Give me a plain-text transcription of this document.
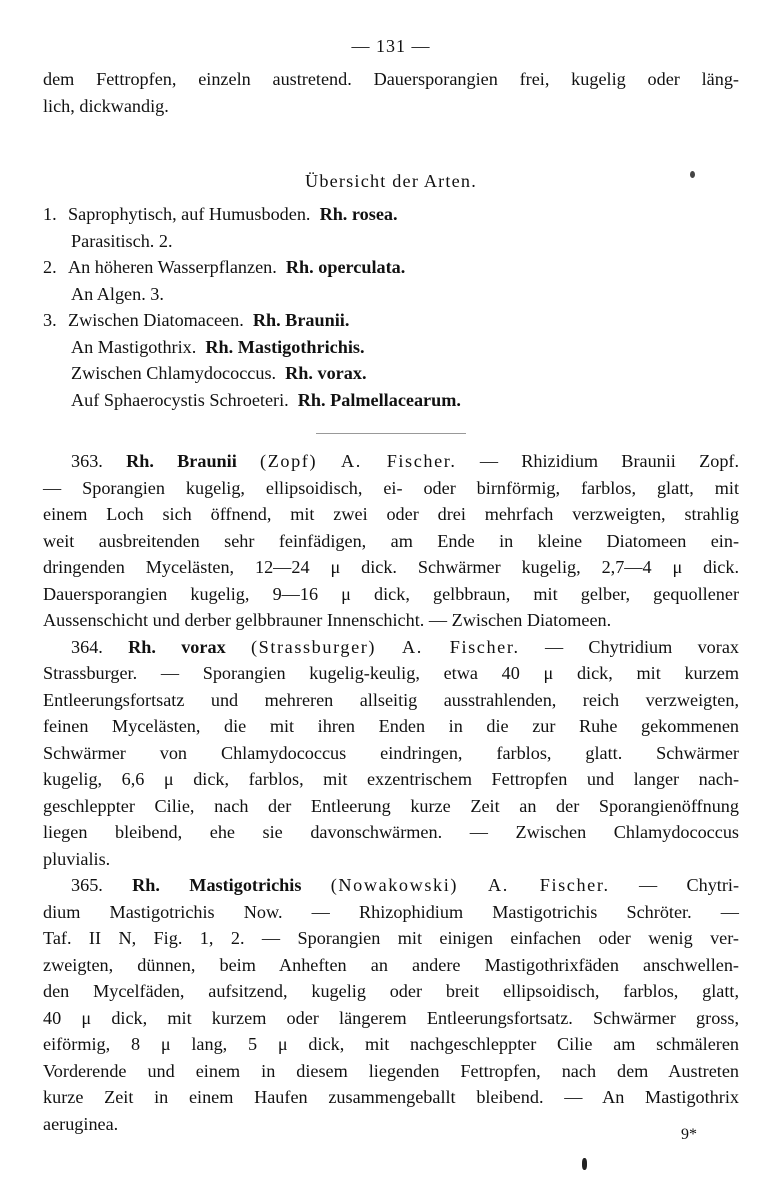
— 131 —

dem Fettropfen, einzeln austretend. Dauersporangien frei, kugelig oder läng-
lich, dickwandig.

Übersicht der Arten.
1. Saprophytisch, auf Humusboden. Rh. rosea.
Parasitisch. 2.
2. An höheren Wasserpflanzen. Rh. operculata.
An Algen. 3.
3. Zwischen Diatomaceen. Rh. Braunii.
An Mastigothrix. Rh. Mastigothrichis.
Zwischen Chlamydococcus. Rh. vorax.
Auf Sphaerocystis Schroeteri. Rh. Palmellacearum.

363. Rh. Braunii (Zopf) A. Fischer. — Rhizidium Braunii Zopf.
— Sporangien kugelig, ellipsoidisch, ei- oder birnförmig, farblos, glatt, mit
einem Loch sich öffnend, mit zwei oder drei mehrfach verzweigten, strahlig
weit ausbreitenden sehr feinfädigen, am Ende in kleine Diatomeen ein-
dringenden Mycelästen, 12—24 μ dick. Schwärmer kugelig, 2,7—4 μ dick.
Dauersporangien kugelig, 9—16 μ dick, gelbbraun, mit gelber, gequollener
Aussenschicht und derber gelbbrauner Innenschicht. — Zwischen Diatomeen.

364. Rh. vorax (Strassburger) A. Fischer. — Chytridium vorax
Strassburger. — Sporangien kugelig-keulig, etwa 40 μ dick, mit kurzem
Entleerungsfortsatz und mehreren allseitig ausstrahlenden, reich verzweigten,
feinen Mycelästen, die mit ihren Enden in die zur Ruhe gekommenen
Schwärmer von Chlamydococcus eindringen, farblos, glatt. Schwärmer
kugelig, 6,6 μ dick, farblos, mit exzentrischem Fettropfen und langer nach-
geschleppter Cilie, nach der Entleerung kurze Zeit an der Sporangienöffnung
liegen bleibend, ehe sie davonschwärmen. — Zwischen Chlamydococcus
pluvialis.

365. Rh. Mastigotrichis (Nowakowski) A. Fischer. — Chytri-
dium Mastigotrichis Now. — Rhizophidium Mastigotrichis Schröter. —
Taf. II N, Fig. 1, 2. — Sporangien mit einigen einfachen oder wenig ver-
zweigten, dünnen, beim Anheften an andere Mastigothrixfäden anschwellen-
den Mycelfäden, aufsitzend, kugelig oder breit ellipsoidisch, farblos, glatt,
40 μ dick, mit kurzem oder längerem Entleerungsfortsatz. Schwärmer gross,
eiförmig, 8 μ lang, 5 μ dick, mit nachgeschleppter Cilie am schmäleren
Vorderende und einem in diesem liegenden Fettropfen, nach dem Austreten
kurze Zeit in einem Haufen zusammengeballt bleibend. — An Mastigothrix
aeruginea.

9*
